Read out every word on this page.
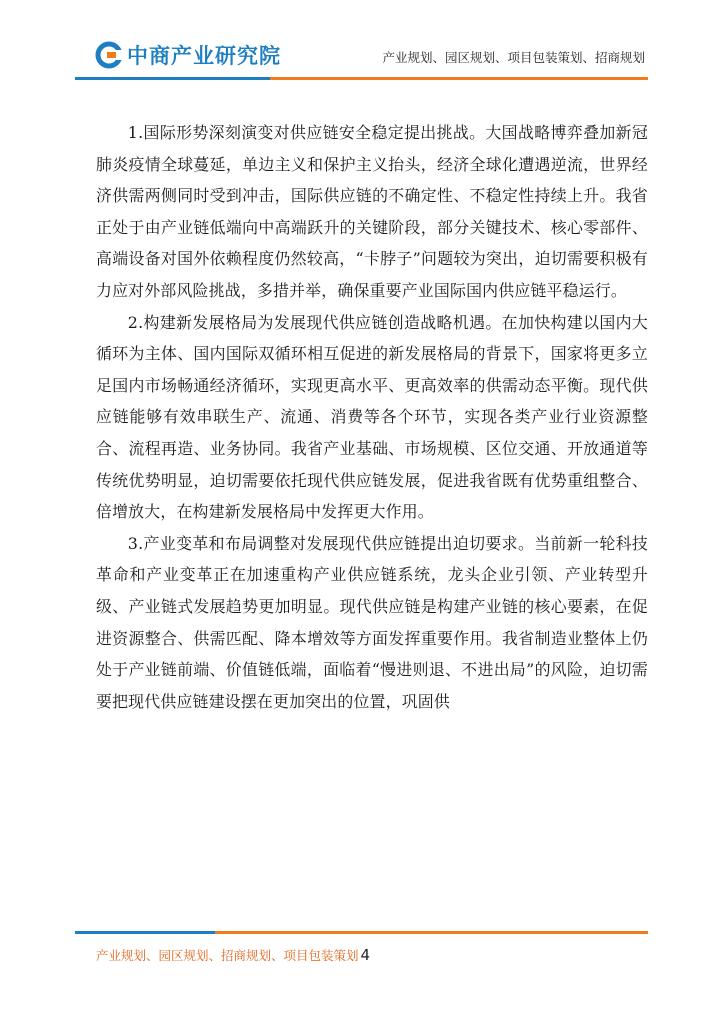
中商产业研究院	产业规划、园区规划、项目包装策划、招商规划

1.国际形势深刻演变对供应链安全稳定提出挑战。大国战略博弈叠加新冠肺炎疫情全球蔓延，单边主义和保护主义抬头，经济全球化遭遇逆流，世界经济供需两侧同时受到冲击，国际供应链的不确定性、不稳定性持续上升。我省正处于由产业链低端向中高端跃升的关键阶段，部分关键技术、核心零部件、高端设备对国外依赖程度仍然较高，“卡脖子”问题较为突出，迫切需要积极有力应对外部风险挑战，多措并举，确保重要产业国际国内供应链平稳运行。

2.构建新发展格局为发展现代供应链创造战略机遇。在加快构建以国内大循环为主体、国内国际双循环相互促进的新发展格局的背景下，国家将更多立足国内市场畅通经济循环，实现更高水平、更高效率的供需动态平衡。现代供应链能够有效串联生产、流通、消费等各个环节，实现各类产业行业资源整合、流程再造、业务协同。我省产业基础、市场规模、区位交通、开放通道等传统优势明显，迫切需要依托现代供应链发展，促进我省既有优势重组整合、倍增放大，在构建新发展格局中发挥更大作用。

3.产业变革和布局调整对发展现代供应链提出迫切要求。当前新一轮科技革命和产业变革正在加速重构产业供应链系统，龙头企业引领、产业转型升级、产业链式发展趋势更加明显。现代供应链是构建产业链的核心要素，在促进资源整合、供需匹配、降本增效等方面发挥重要作用。我省制造业整体上仍处于产业链前端、价值链低端，面临着“慢进则退、不进出局”的风险，迫切需要把现代供应链建设摆在更加突出的位置，巩固供

产业规划、园区规划、招商规划、项目包装策划 4
